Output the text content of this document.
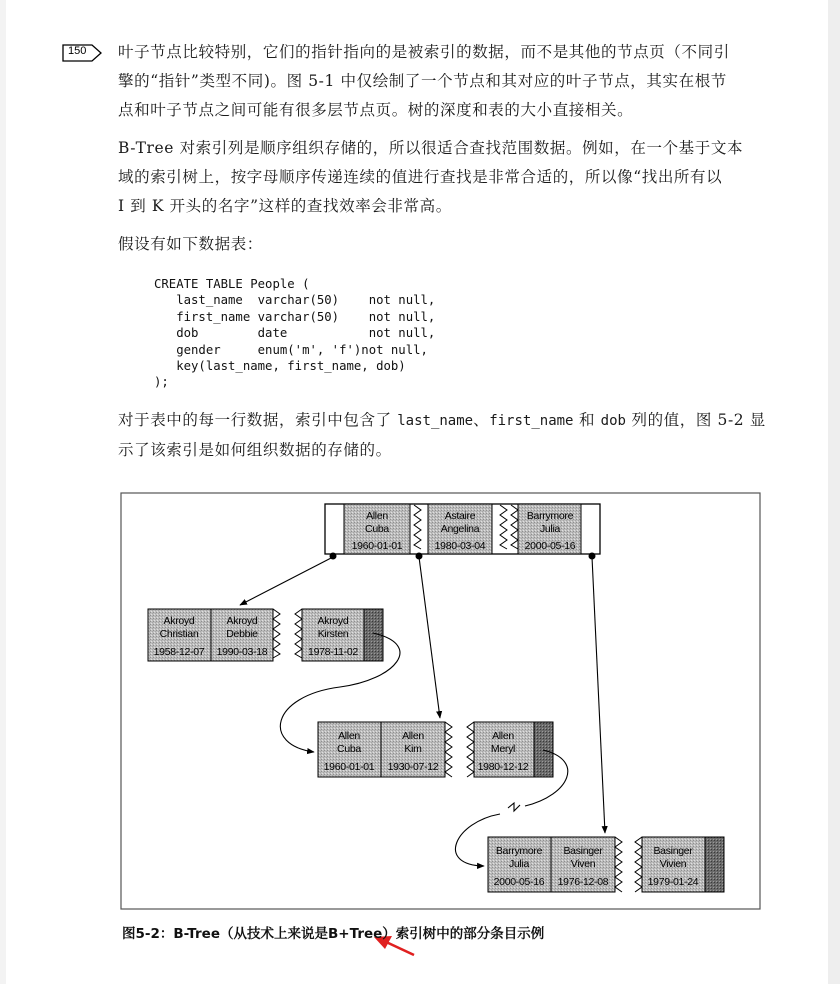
150 叶子节点比较特别，它们的指针指向的是被索引的数据，而不是其他的节点页（不同引
擎的“指针”类型不同)。图 5-1 中仅绘制了一个节点和其对应的叶子节点，其实在根节
点和叶子节点之间可能有很多层节点页。树的深度和表的大小直接相关。

B-Tree 对索引列是顺序组织存储的，所以很适合查找范围数据。例如，在一个基于文本
域的索引树上，按字母顺序传递连续的值进行查找是非常合适的，所以像“找出所有以
I 到 K 开头的名字”这样的查找效率会非常高。

假设有如下数据表：

CREATE TABLE People (
last_name  varchar(50)    not null,
first_name varchar(50)    not null,
dob        date           not null,
gender     enum('m', 'f')not null,
key(last_name, first_name, dob)
);

对于表中的每一行数据，索引中包含了 last_name、first_name 和 dob 列的值，图 5-2 显
示了该索引是如何组织数据的存储的。

Allen
Cuba
1960-01-01
Astaire
Angelina
1980-03-04
Barrymore
Julia
2000-05-16
Akroyd
Christian
1958-12-07
Akroyd
Debbie
1990-03-18
Akroyd
Kirsten
1978-11-02
Allen
Cuba
1960-01-01
Allen
Kim
1930-07-12
Allen
Meryl
1980-12-12
Barrymore
Julia
2000-05-16
Basinger
Viven
1976-12-08
Basinger
Vivien
1979-01-24

图5-2：B-Tree（从技术上来说是B+Tree）索引树中的部分条目示例
